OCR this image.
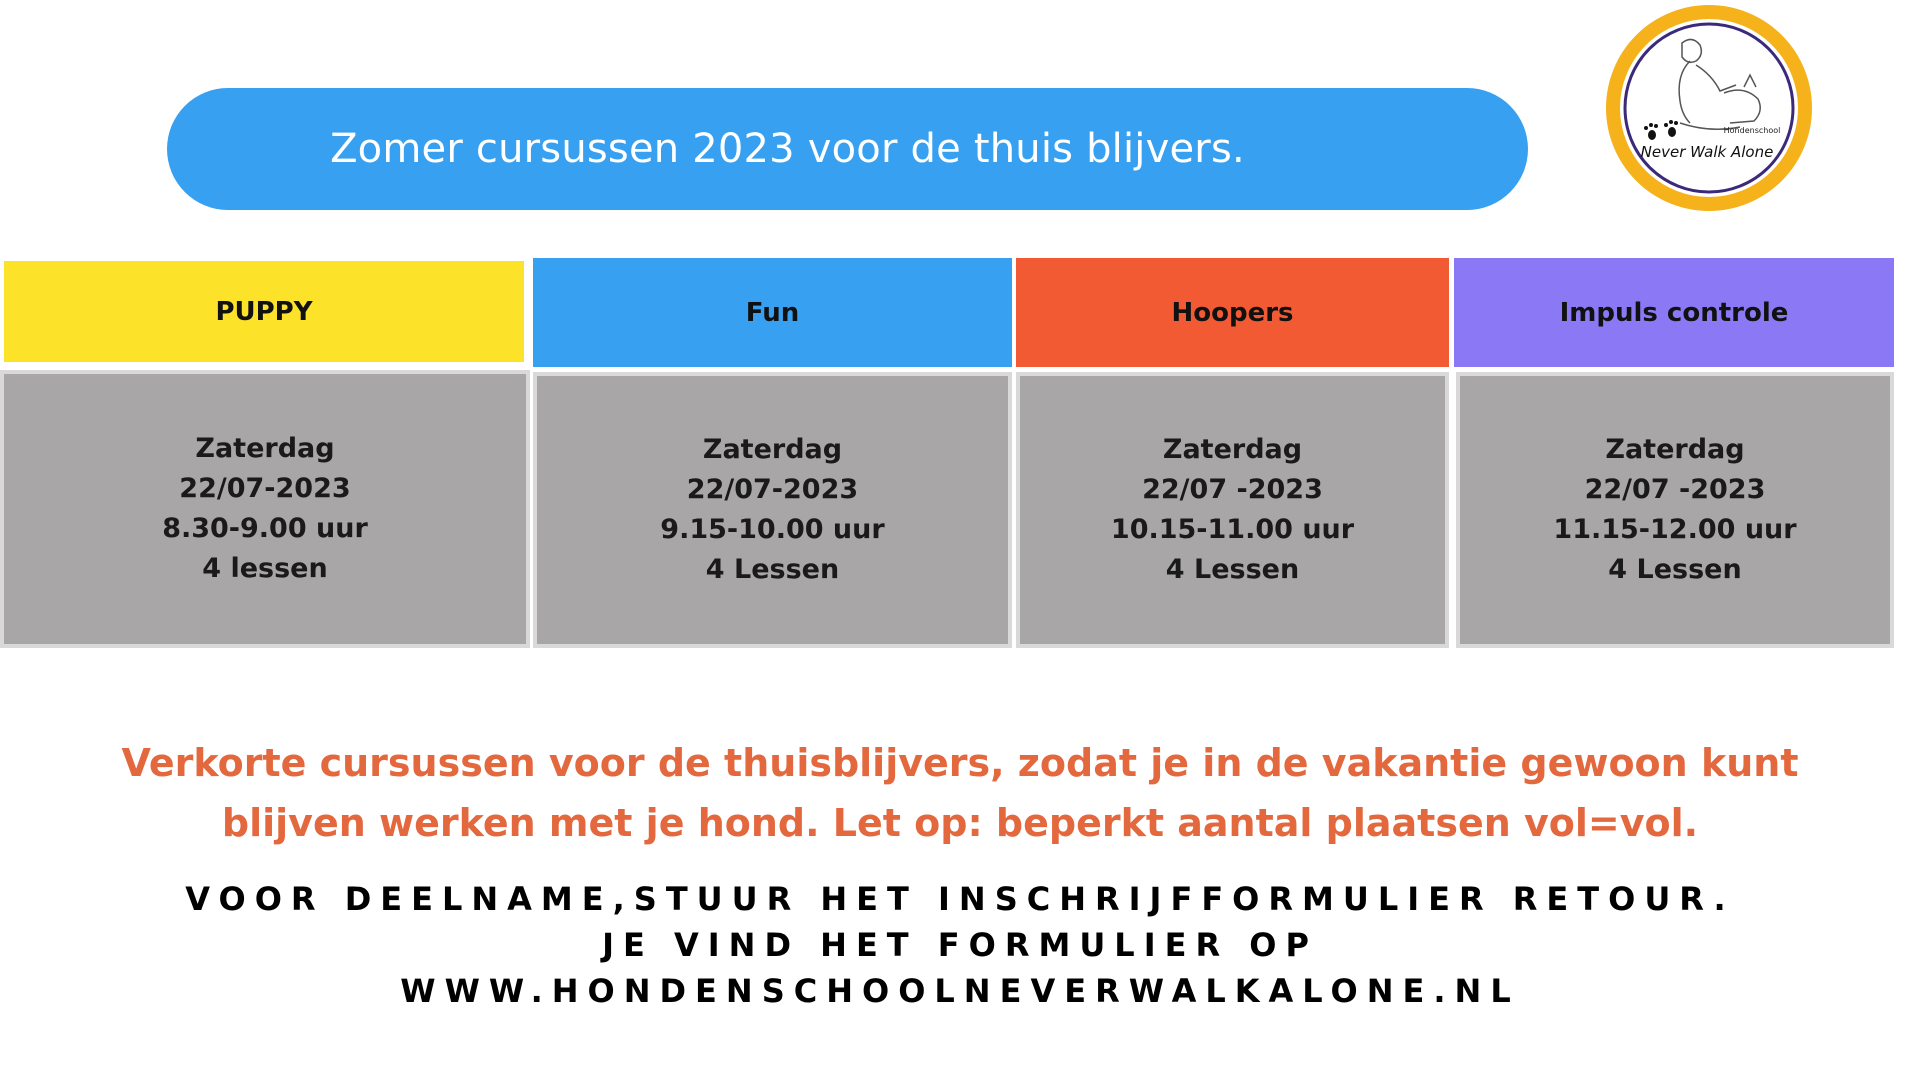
Zomer cursussen 2023 voor de thuis blijvers.	Hondenschool
Never Walk Alone
PUPPY
Zaterdag
22/07-2023
8.30-9.00 uur
4 lessen
Fun
Zaterdag
22/07-2023
9.15-10.00 uur
4 Lessen
Hoopers
Zaterdag
22/07 -2023
10.15-11.00 uur
4 Lessen
Impuls controle
Zaterdag
22/07 -2023
11.15-12.00 uur
4 Lessen
Verkorte cursussen voor de thuisblijvers, zodat je in de vakantie gewoon kunt
blijven werken met je hond. Let op: beperkt aantal plaatsen vol=vol.
VOOR DEELNAME,STUUR HET INSCHRIJFFORMULIER RETOUR.
JE VIND HET FORMULIER OP
WWW.HONDENSCHOOLNEVERWALKALONE.NL
